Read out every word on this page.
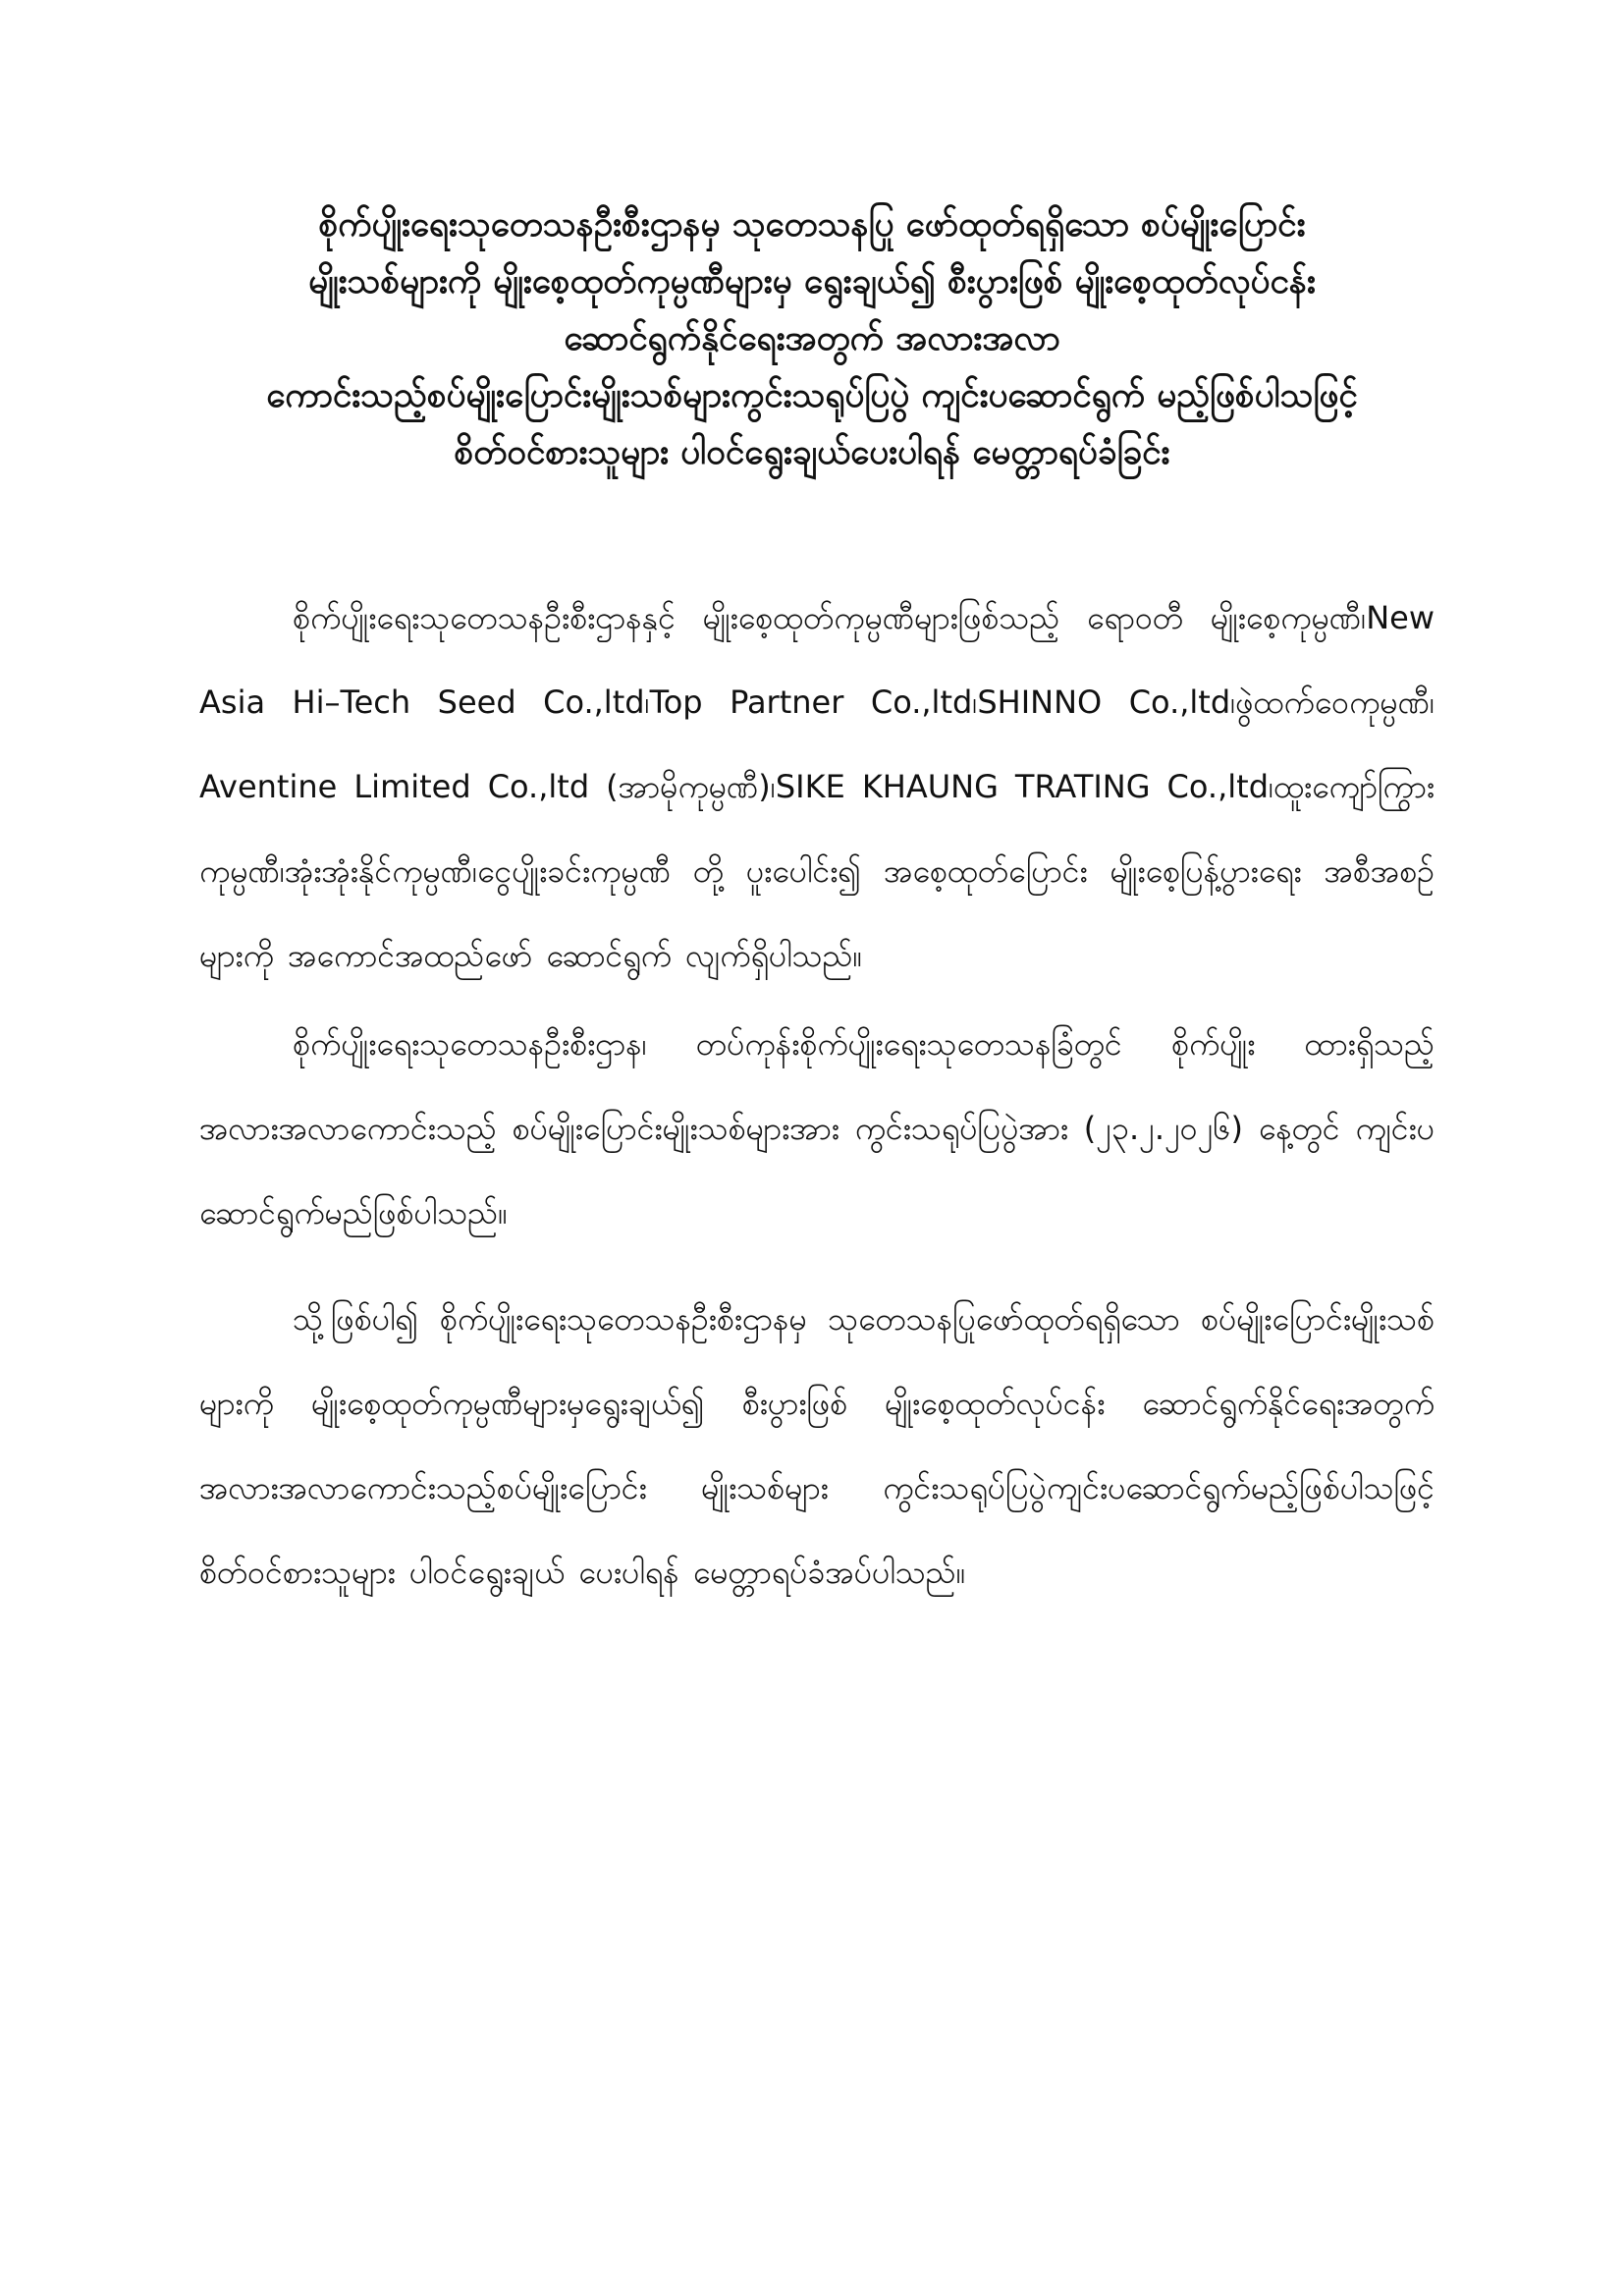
စိုက်ပျိုးရေးသုတေသနဦးစီးဌာနမှ သုတေသနပြု ဖော်ထုတ်ရရှိသော စပ်မျိုးပြောင်း

မျိုးသစ်များကို မျိုးစေ့ထုတ်ကုမ္ပဏီများမှ ရွေးချယ်၍ စီးပွားဖြစ် မျိုးစေ့ထုတ်လုပ်ငန်း

ဆောင်ရွက်နိုင်ရေးအတွက် အလားအလာ

ကောင်းသည့်စပ်မျိုးပြောင်းမျိုးသစ်များကွင်းသရုပ်ပြပွဲ ကျင်းပဆောင်ရွက် မည့်ဖြစ်ပါသဖြင့်

စိတ်ဝင်စားသူများ ပါဝင်ရွေးချယ်ပေးပါရန် မေတ္တာရပ်ခံခြင်း

စိုက်ပျိုးရေးသုတေသနဦးစီးဌာနနှင့် မျိုးစေ့ထုတ်ကုမ္ပဏီများဖြစ်သည့် ရောဝတီ မျိုးစေ့ကုမ္ပဏီ၊New Asia Hi–Tech Seed Co.,ltd၊Top Partner Co.,ltd၊SHINNO Co.,ltd၊ဖွဲထက်ဝေကုမ္ပဏီ၊Aventine Limited Co.,ltd (အာမိုကုမ္ပဏီ)၊SIKE KHAUNG TRATING Co.,ltd၊ထူးကျော်ကြွားကုမ္ပဏီ၊အုံးအုံးနိုင်ကုမ္ပဏီ၊ငွေပျိုးခင်းကုမ္ပဏီ တို့ ပူးပေါင်း၍ အစေ့ထုတ်ပြောင်း မျိုးစေ့ပြန့်ပွားရေး အစီအစဉ်များကို အကောင်အထည်ဖော် ဆောင်ရွက် လျက်ရှိပါသည်။

စိုက်ပျိုးရေးသုတေသနဦးစီးဌာန၊ တပ်ကုန်းစိုက်ပျိုးရေးသုတေသနခြံတွင် စိုက်ပျိုး ထားရှိသည့် အလားအလာကောင်းသည့် စပ်မျိုးပြောင်းမျိုးသစ်များအား ကွင်းသရုပ်ပြပွဲအား (၂၃.၂.၂၀၂၆) နေ့တွင် ကျင်းပဆောင်ရွက်မည်ဖြစ်ပါသည်။

သို့ဖြစ်ပါ၍ စိုက်ပျိုးရေးသုတေသနဦးစီးဌာနမှ သုတေသနပြုဖော်ထုတ်ရရှိသော စပ်မျိုးပြောင်းမျိုးသစ်များကို မျိုးစေ့ထုတ်ကုမ္ပဏီများမှရွေးချယ်၍ စီးပွားဖြစ် မျိုးစေ့ထုတ်လုပ်ငန်း ဆောင်ရွက်နိုင်ရေးအတွက် အလားအလာကောင်းသည့်စပ်မျိုးပြောင်း မျိုးသစ်များ ကွင်းသရုပ်ပြပွဲကျင်းပဆောင်ရွက်မည့်ဖြစ်ပါသဖြင့် စိတ်ဝင်စားသူများ ပါဝင်ရွေးချယ် ပေးပါရန် မေတ္တာရပ်ခံအပ်ပါသည်။
